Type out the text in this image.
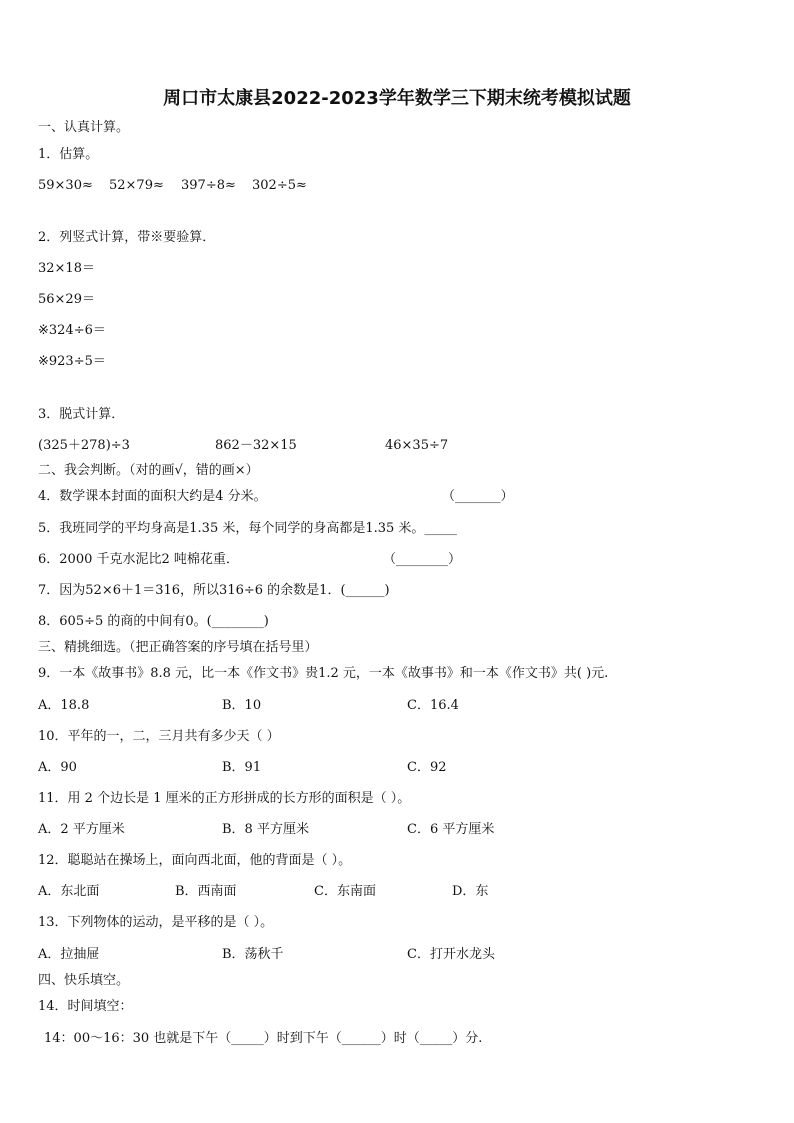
周口市太康县2022-2023学年数学三下期末统考模拟试题
一、认真计算。
1．估算。
59×30≈ 52×79≈ 397÷8≈ 302÷5≈
2．列竖式计算，带※要验算．
32×18＝
56×29＝
※324÷6＝
※923÷5＝
3．脱式计算．
(325＋278)÷3	862－32×15	46×35÷7
二、我会判断。（对的画√，错的画×）
4．数学课本封面的面积大约是4 分米。	（_______）
5．我班同学的平均身高是1.35 米，每个同学的身高都是1.35 米。_____
6．2000 千克水泥比2 吨棉花重．	（________）
7．因为52×6＋1＝316，所以316÷6 的余数是1．(______)
8．605÷5 的商的中间有0。(________)
三、精挑细选。（把正确答案的序号填在括号里）
9．一本《故事书》8.8 元，比一本《作文书》贵1.2 元，一本《故事书》和一本《作文书》共( )元.
A．18.8	B．10	C．16.4
10．平年的一，二，三月共有多少天（ ）
A．90	B．91	C．92
11．用 2 个边长是 1 厘米的正方形拼成的长方形的面积是（ ）。
A．2 平方厘米	B．8 平方厘米	C．6 平方厘米
12．聪聪站在操场上，面向西北面，他的背面是（ ）。
A．东北面	B．西南面	C．东南面	D．东
13．下列物体的运动，是平移的是（ ）。
A．拉抽屉	B．荡秋千	C．打开水龙头
四、快乐填空。
14．时间填空：
14：00～16：30 也就是下午（_____）时到下午（______）时（_____）分.
